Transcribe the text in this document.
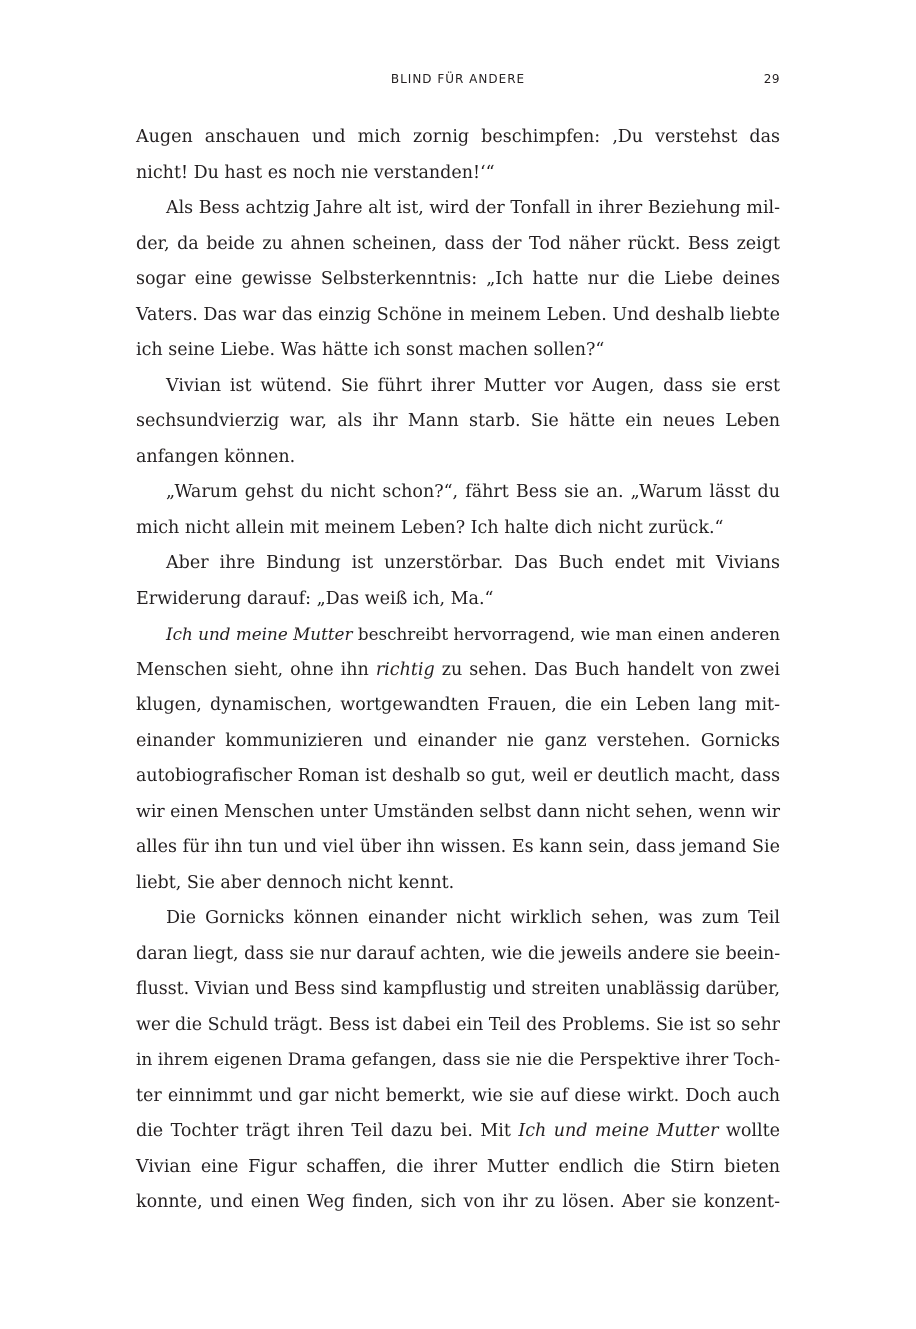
BLIND FÜR ANDERE	29
Augen anschauen und mich zornig beschimpfen: ‚Du verstehst das
nicht! Du hast es noch nie verstanden!‘“
Als Bess achtzig Jahre alt ist, wird der Tonfall in ihrer Beziehung mil-
der, da beide zu ahnen scheinen, dass der Tod näher rückt. Bess zeigt
sogar eine gewisse Selbsterkenntnis: „Ich hatte nur die Liebe deines
Vaters. Das war das einzig Schöne in meinem Leben. Und deshalb liebte
ich seine Liebe. Was hätte ich sonst machen sollen?“
Vivian ist wütend. Sie führt ihrer Mutter vor Augen, dass sie erst
sechsundvierzig war, als ihr Mann starb. Sie hätte ein neues Leben
anfangen können.
„Warum gehst du nicht schon?“, fährt Bess sie an. „Warum lässt du
mich nicht allein mit meinem Leben? Ich halte dich nicht zurück.“
Aber ihre Bindung ist unzerstörbar. Das Buch endet mit Vivians
Erwiderung darauf: „Das weiß ich, Ma.“
Ich und meine Mutter beschreibt hervorragend, wie man einen anderen
Menschen sieht, ohne ihn richtig zu sehen. Das Buch handelt von zwei
klugen, dynamischen, wortgewandten Frauen, die ein Leben lang mit-
einander kommunizieren und einander nie ganz verstehen. Gornicks
autobiografischer Roman ist deshalb so gut, weil er deutlich macht, dass
wir einen Menschen unter Umständen selbst dann nicht sehen, wenn wir
alles für ihn tun und viel über ihn wissen. Es kann sein, dass jemand Sie
liebt, Sie aber dennoch nicht kennt.
Die Gornicks können einander nicht wirklich sehen, was zum Teil
daran liegt, dass sie nur darauf achten, wie die jeweils andere sie beein-
flusst. Vivian und Bess sind kampflustig und streiten unablässig darüber,
wer die Schuld trägt. Bess ist dabei ein Teil des Problems. Sie ist so sehr
in ihrem eigenen Drama gefangen, dass sie nie die Perspektive ihrer Toch-
ter einnimmt und gar nicht bemerkt, wie sie auf diese wirkt. Doch auch
die Tochter trägt ihren Teil dazu bei. Mit Ich und meine Mutter wollte
Vivian eine Figur schaffen, die ihrer Mutter endlich die Stirn bieten
konnte, und einen Weg finden, sich von ihr zu lösen. Aber sie konzent-
